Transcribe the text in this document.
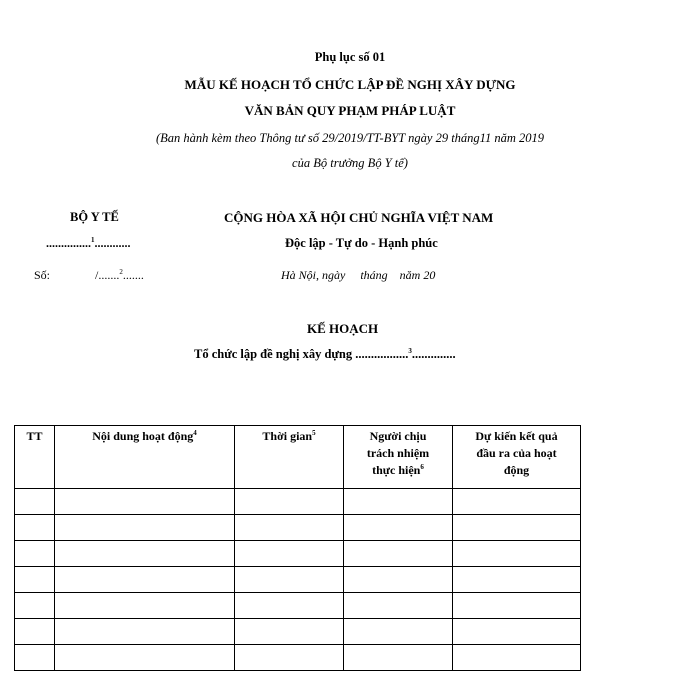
Phụ lục số 01
MẪU KẾ HOẠCH TỔ CHỨC LẬP ĐỀ NGHỊ XÂY DỰNG
VĂN BẢN QUY PHẠM PHÁP LUẬT
(Ban hành kèm theo Thông tư số 29/2019/TT-BYT ngày 29 tháng11 năm 2019
của Bộ trưởng Bộ Y tế)
BỘ Y TẾ
...............$^1$............
Số:	/.......$^2$.......
CỘNG HÒA XÃ HỘI CHỦ NGHĨA VIỆT NAM
Độc lập - Tự do - Hạnh phúc
Hà Nội, ngày     tháng    năm 20
KẾ HOẠCH
Tổ chức lập đề nghị xây dựng .................$^3$..............
TT	Nội dung hoạt động$^4$	Thời gian$^5$	Người chịu trách nhiệm thực hiện$^6$	Dự kiến kết quả đầu ra của hoạt động
